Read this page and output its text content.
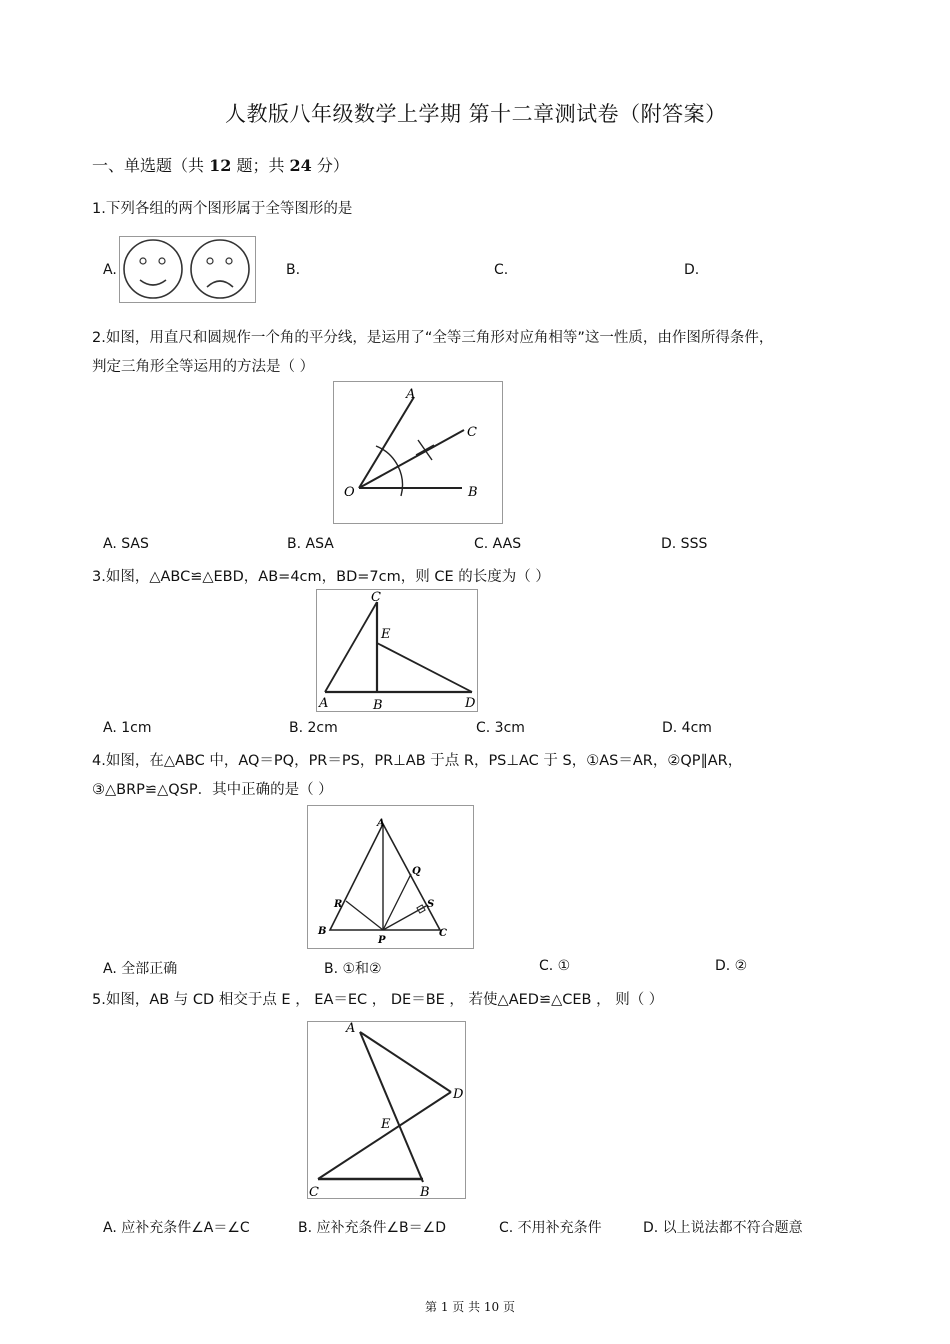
人教版八年级数学上学期 第十二章测试卷（附答案）
一、单选题（共 12 题；共 24 分）
1.下列各组的两个图形属于全等图形的是
A.	B.	C.	D.
2.如图，用直尺和圆规作一个角的平分线，是运用了“全等三角形对应角相等”这一性质，由作图所得条件，
判定三角形全等运用的方法是（ ）
A
C
O	B
A. SAS	B. ASA	C. AAS	D. SSS
3.如图，△ABC≌△EBD，AB=4cm，BD=7cm，则 CE 的长度为（ ）
C
E
A	B	D
A. 1cm	B. 2cm	C. 3cm	D. 4cm
4.如图，在△ABC 中，AQ＝PQ，PR＝PS，PR⊥AB 于点 R，PS⊥AC 于 S，①AS＝AR，②QP∥AR，
③△BRP≌△QSP．其中正确的是（ ）
A
Q
R	S
B
P
C
A. 全部正确	B. ①和②	C. ①	D. ②
5.如图，AB 与 CD 相交于点 E ， EA＝EC ， DE＝BE ， 若使△AED≌△CEB ， 则（ ）
A
D
E
C	B
A. 应补充条件∠A＝∠C	B. 应补充条件∠B＝∠D	C. 不用补充条件	D. 以上说法都不符合题意
第 1 页 共 10 页
